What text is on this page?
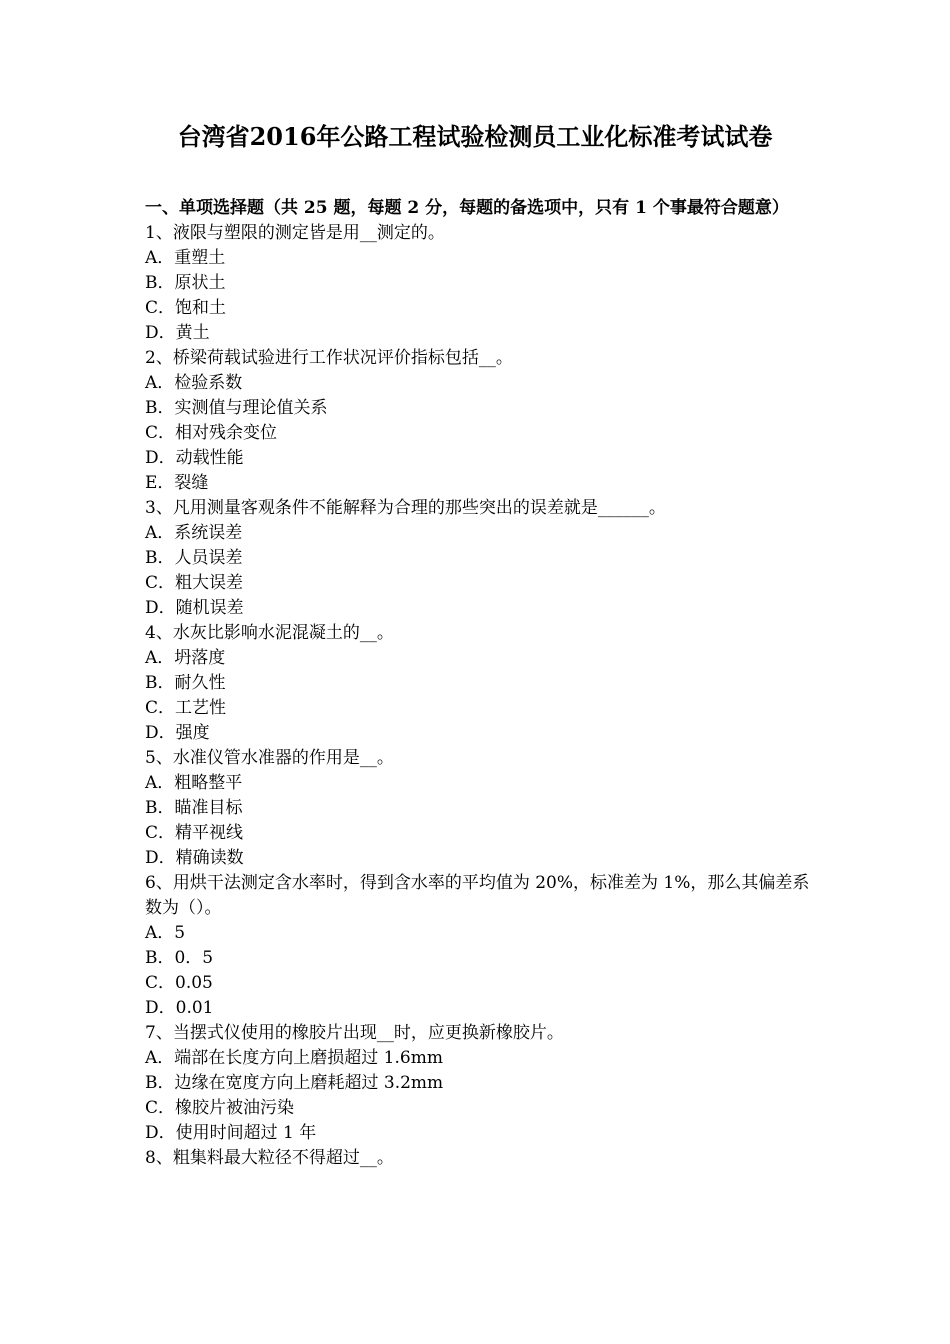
台湾省2016年公路工程试验检测员工业化标准考试试卷

一、单项选择题（共 25 题，每题 2 分，每题的备选项中，只有 1 个事最符合题意）

1、液限与塑限的测定皆是用__测定的。

A．重塑土

B．原状土

C．饱和土

D．黄土

2、桥梁荷载试验进行工作状况评价指标包括__。

A．检验系数

B．实测值与理论值关系

C．相对残余变位

D．动载性能

E．裂缝

3、凡用测量客观条件不能解释为合理的那些突出的误差就是______。

A．系统误差

B．人员误差

C．粗大误差

D．随机误差

4、水灰比影响水泥混凝土的__。

A．坍落度

B．耐久性

C．工艺性

D．强度

5、水准仪管水准器的作用是__。

A．粗略整平

B．瞄准目标

C．精平视线

D．精确读数

6、用烘干法测定含水率时，得到含水率的平均值为 20%，标准差为 1%，那么其偏差系数为（）。

A．5

B．0．5

C．0.05

D．0.01

7、当摆式仪使用的橡胶片出现__时，应更换新橡胶片。

A．端部在长度方向上磨损超过 1.6mm

B．边缘在宽度方向上磨耗超过 3.2mm

C．橡胶片被油污染

D．使用时间超过 1 年

8、粗集料最大粒径不得超过__。
